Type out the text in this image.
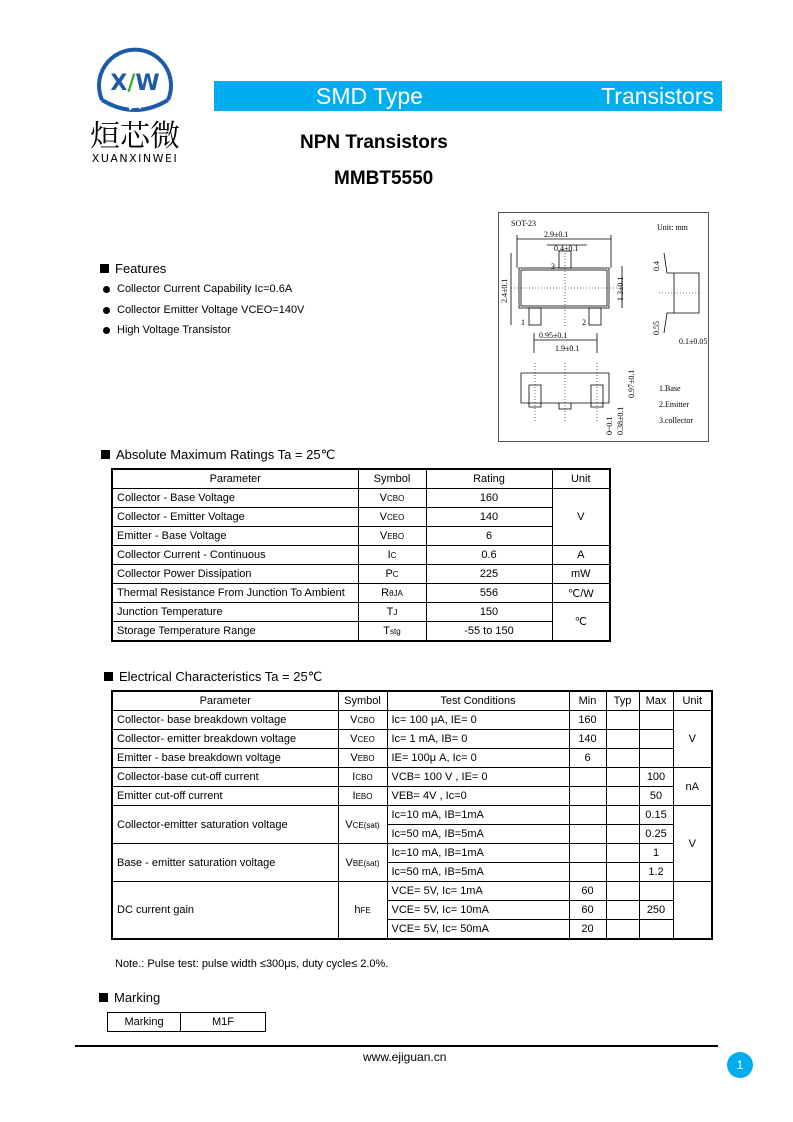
X/W
烜芯微
XUANXINWEI
SMD Type	Transistors
NPN Transistors
MMBT5550
Features
Collector Current Capability Ic=0.6A
Collector Emitter Voltage VCEO=140V
High Voltage Transistor
SOT-23	Unit: mm
2.9±0.1
0.4±0.1
3
1	2
2.4±0.1	1.3±0.1
0.95±0.1
1.9±0.1
0.4
0.55
0.1±0.05
0.97±0.1
0~0.1 0.38±0.1
1.Base
2.Emitter
3.collector
Absolute Maximum Ratings Ta = 25℃
Parameter	Symbol	Rating	Unit
Collector - Base Voltage	VCBO	160	V
Collector - Emitter Voltage	VCEO	140	
Emitter - Base Voltage	VEBO	6	
Collector Current - Continuous	IC	0.6	A
Collector Power Dissipation	PC	225	mW
Thermal Resistance From Junction To Ambient	RθJA	556	℃/W
Junction Temperature	TJ	150	℃
Storage Temperature Range	Tstg	-55 to 150	
Electrical Characteristics Ta = 25℃
Parameter	Symbol	Test Conditions	Min	Typ	Max	Unit
Collector- base breakdown voltage	VCBO	Ic= 100 μA, IE= 0	160			V
Collector- emitter breakdown voltage	VCEO	Ic= 1 mA, IB= 0	140			
Emitter - base breakdown voltage	VEBO	IE= 100μ A, Ic= 0	6			
Collector-base cut-off current	ICBO	VCB= 100 V , IE= 0			100	nA
Emitter cut-off current	IEBO	VEB= 4V , Ic=0			50	
Collector-emitter saturation voltage	VCE(sat)	Ic=10 mA, IB=1mA			0.15	V
		Ic=50 mA, IB=5mA			0.25	
Base - emitter saturation voltage	VBE(sat)	Ic=10 mA, IB=1mA			1	
		Ic=50 mA, IB=5mA			1.2	
DC current gain	hFE	VCE= 5V, Ic= 1mA	60			
		VCE= 5V, Ic= 10mA	60		250	
		VCE= 5V, Ic= 50mA	20			
Note.: Pulse test: pulse width ≤300μs, duty cycle≤ 2.0%.
Marking
Marking	M1F
www.ejiguan.cn
1
